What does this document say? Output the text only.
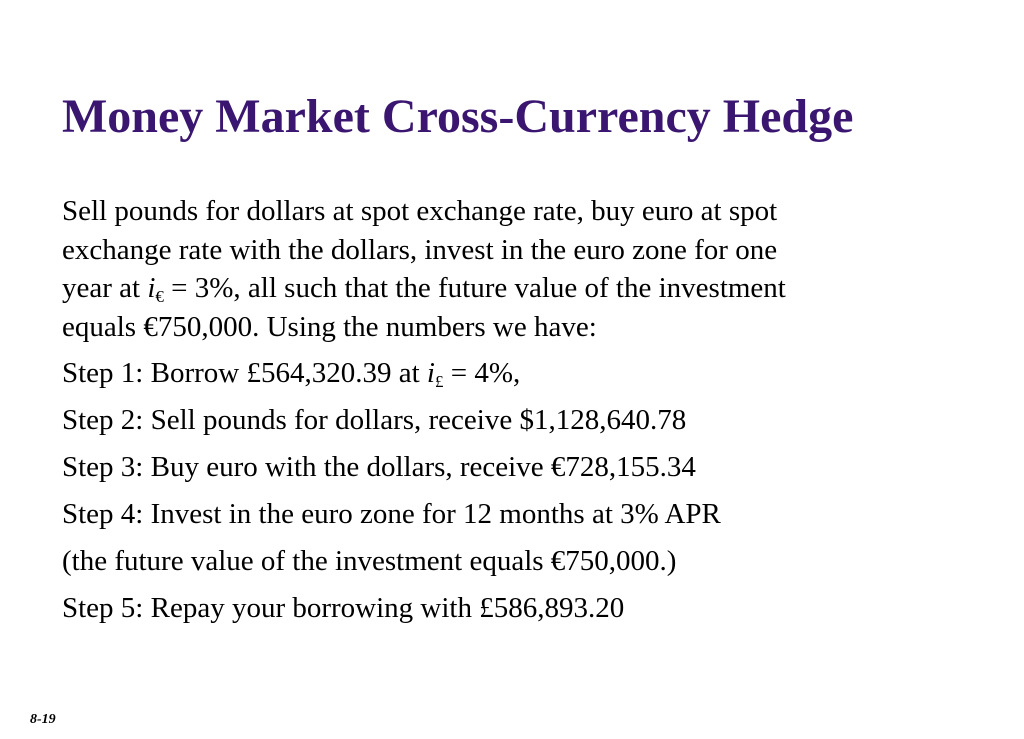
Money Market Cross-Currency Hedge
Sell pounds for dollars at spot exchange rate, buy euro at spot
exchange rate with the dollars, invest in the euro zone for one
year at $i_€ = 3\%$, all such that the future value of the investment
equals €750,000. Using the numbers we have:
Step 1: Borrow £564,320.39 at $i_£ = 4\%$,
Step 2: Sell pounds for dollars, receive $1,128,640.78
Step 3: Buy euro with the dollars, receive €728,155.34
Step 4: Invest in the euro zone for 12 months at 3% APR
(the future value of the investment equals €750,000.)
Step 5: Repay your borrowing with £586,893.20
8-19
